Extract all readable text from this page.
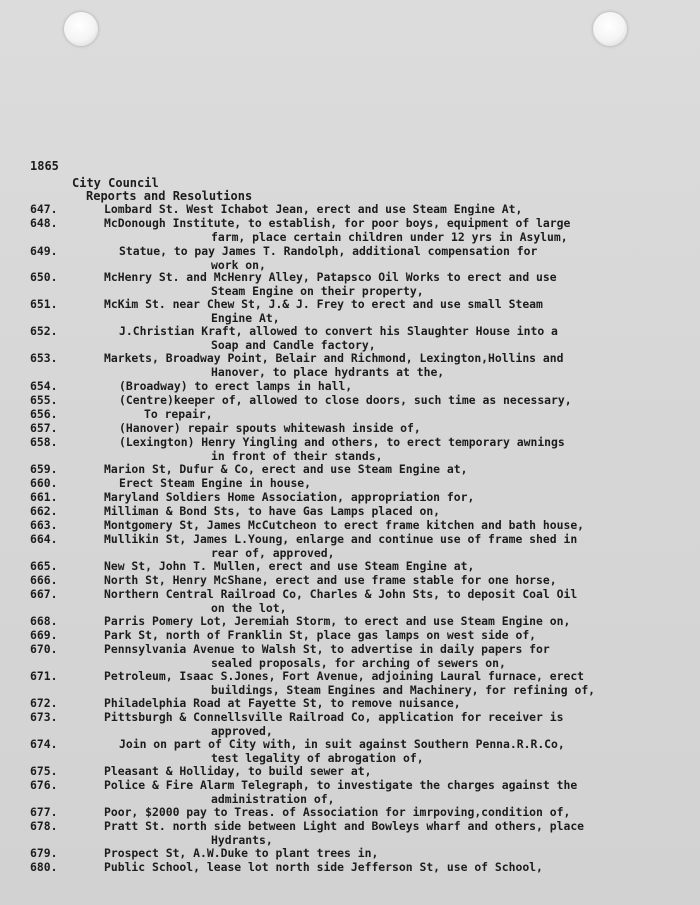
1865
City Council
Reports and Resolutions
647.	Lombard St. West Ichabot Jean, erect and use Steam Engine At,
648.	McDonough Institute, to establish, for poor boys, equipment of large
farm, place certain children under 12 yrs in Asylum,
649.	Statue, to pay James T. Randolph, additional compensation for
work on,
650.	McHenry St. and McHenry Alley, Patapsco Oil Works to erect and use
Steam Engine on their property,
651.	McKim St. near Chew St, J.& J. Frey to erect and use small Steam
Engine At,
652.	J.Christian Kraft, allowed to convert his Slaughter House into a
Soap and Candle factory,
653.	Markets, Broadway Point, Belair and Richmond, Lexington,Hollins and
Hanover, to place hydrants at the,
654.	(Broadway) to erect lamps in hall,
655.	(Centre)keeper of, allowed to close doors, such time as necessary,
656.	To repair,
657.	(Hanover) repair spouts whitewash inside of,
658.	(Lexington) Henry Yingling and others, to erect temporary awnings
in front of their stands,
659.	Marion St, Dufur & Co, erect and use Steam Engine at,
660.	Erect Steam Engine in house,
661.	Maryland Soldiers Home Association, appropriation for,
662.	Milliman & Bond Sts, to have Gas Lamps placed on,
663.	Montgomery St, James McCutcheon to erect frame kitchen and bath house,
664.	Mullikin St, James L.Young, enlarge and continue use of frame shed in
rear of, approved,
665.	New St, John T. Mullen, erect and use Steam Engine at,
666.	North St, Henry McShane, erect and use frame stable for one horse,
667.	Northern Central Railroad Co, Charles & John Sts, to deposit Coal Oil
on the lot,
668.	Parris Pomery Lot, Jeremiah Storm, to erect and use Steam Engine on,
669.	Park St, north of Franklin St, place gas lamps on west side of,
670.	Pennsylvania Avenue to Walsh St, to advertise in daily papers for
sealed proposals, for arching of sewers on,
671.	Petroleum, Isaac S.Jones, Fort Avenue, adjoining Laural furnace, erect
buildings, Steam Engines and Machinery, for refining of,
672.	Philadelphia Road at Fayette St, to remove nuisance,
673.	Pittsburgh & Connellsville Railroad Co, application for receiver is
approved,
674.	Join on part of City with, in suit against Southern Penna.R.R.Co,
test legality of abrogation of,
675.	Pleasant & Holliday, to build sewer at,
676.	Police & Fire Alarm Telegraph, to investigate the charges against the
administration of,
677.	Poor, $2000 pay to Treas. of Association for imrpoving,condition of,
678.	Pratt St. north side between Light and Bowleys wharf and others, place
Hydrants,
679.	Prospect St, A.W.Duke to plant trees in,
680.	Public School, lease lot north side Jefferson St, use of School,
